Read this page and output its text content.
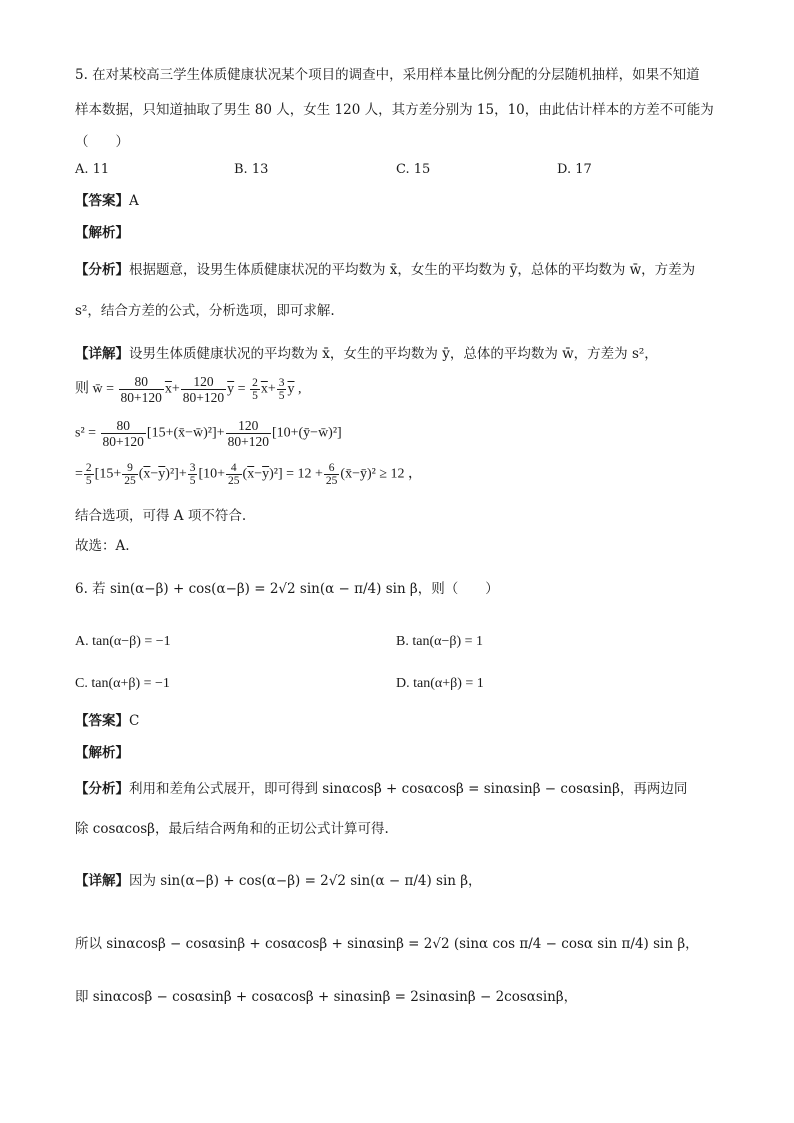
5. 在对某校高三学生体质健康状况某个项目的调查中，采用样本量比例分配的分层随机抽样，如果不知道
样本数据，只知道抽取了男生 80 人，女生 120 人，其方差分别为 15，10，由此估计样本的方差不可能为
（　　）
A. 11	B. 13	C. 15	D. 17
【答案】A
【解析】
【分析】根据题意，设男生体质健康状况的平均数为 x̄，女生的平均数为 ȳ，总体的平均数为 w̄，方差为
s²，结合方差的公式，分析选项，即可求解.
【详解】设男生体质健康状况的平均数为 x̄，女生的平均数为 ȳ，总体的平均数为 w̄，方差为 s²，
则 w̄ = $\frac{80}{80+120} \overline{x}+ \frac{120}{80+120} \overline{y} = \frac{2}{5} \overline{x}+ \frac{3}{5} \overline{y}$ ,
$s^2 = \frac{80}{80+120}$ [15+(x̄−w̄)²]+ $\frac{120}{80+120}$ [10+(ȳ−w̄)²]
= $\frac{2}{5} [15+ \frac{9}{25} (\overline{x}-\overline{y})^2]+ \frac{3}{5} [10+ \frac{4}{25} (\overline{x}-\overline{y})^2] = 12 + \frac{6}{25}$ (x̄−ȳ)² ≥ 12 ，
结合选项，可得 A 项不符合.
故选：A.
6. 若 sin(α−β) + cos(α−β) = 2√2 sin(α − π/4) sin β，则（　　）
A. tan(α−β) = −1	B. tan(α−β) = 1
C. tan(α+β) = −1	D. tan(α+β) = 1
【答案】C
【解析】
【分析】利用和差角公式展开，即可得到 sinαcosβ + cosαcosβ = sinαsinβ − cosαsinβ，再两边同
除 cosαcosβ，最后结合两角和的正切公式计算可得.
【详解】因为 sin(α−β) + cos(α−β) = 2√2 sin(α − π/4) sin β，
所以 sinαcosβ − cosαsinβ + cosαcosβ + sinαsinβ = 2√2 (sinα cos π/4 − cosα sin π/4) sin β，
即 sinαcosβ − cosαsinβ + cosαcosβ + sinαsinβ = 2sinαsinβ − 2cosαsinβ，
